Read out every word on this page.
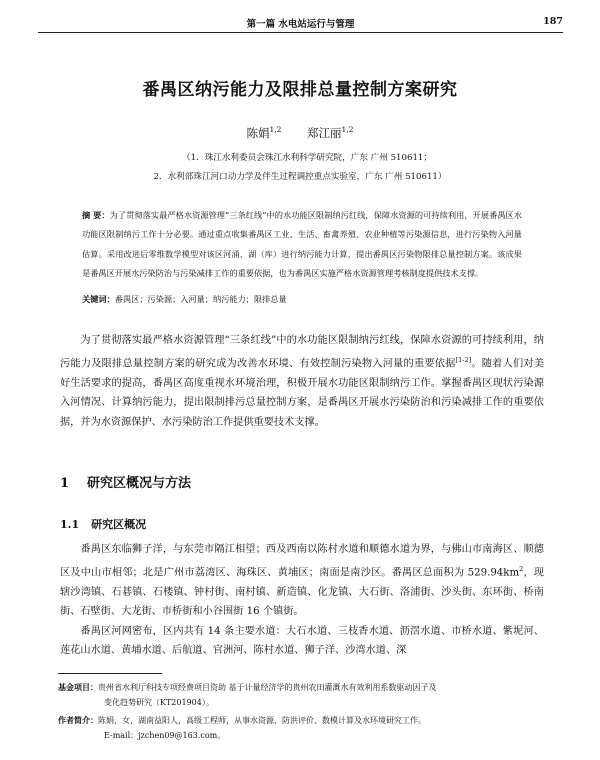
第一篇 水电站运行与管理	187
番禺区纳污能力及限排总量控制方案研究
陈娟$^{1,2}$ 郑江丽$^{1,2}$
（1．珠江水利委员会珠江水利科学研究院，广东 广州 510611；
2．水利部珠江河口动力学及伴生过程调控重点实验室，广东 广州 510611）
摘 要：为了贯彻落实最严格水资源管理“三条红线”中的水功能区限制纳污红线，保障水资源的可持续利用，开展番禺区水功能区限制纳污工作十分必要。通过重点收集番禺区工业、生活、畜禽养殖、农业种植等污染源信息，进行污染物入河量估算。采用改进后零维数学模型对该区河涌、湖（库）进行纳污能力计算，提出番禺区污染物限排总量控制方案。该成果是番禺区开展水污染防治与污染减排工作的重要依据，也为番禺区实施严格水资源管理考核制度提供技术支撑。
关键词：番禺区；污染源；入河量；纳污能力；限排总量

为了贯彻落实最严格水资源管理“三条红线”中的水功能区限制纳污红线，保障水资源的可持续利用，纳污能力及限排总量控制方案的研究成为改善水环境、有效控制污染物入河量的重要依据[1-2]。随着人们对美好生活要求的提高，番禺区高度重视水环境治理，积极开展水功能区限制纳污工作。掌握番禺区现状污染源入河情况、计算纳污能力，提出限制排污总量控制方案，是番禺区开展水污染防治和污染减排工作的重要依据，并为水资源保护、水污染防治工作提供重要技术支撑。

1 研究区概况与方法
1.1 研究区概况

番禺区东临狮子洋，与东莞市隔江相望；西及西南以陈村水道和顺德水道为界，与佛山市南海区、顺德区及中山市相邻；北是广州市荔湾区、海珠区、黄埔区；南面是南沙区。番禺区总面积为 $529.94km^2$，现辖沙湾镇、石碁镇、石楼镇、钟村街、南村镇、新造镇、化龙镇、大石街、洛浦街、沙头街、东环街、桥南街、石壁街、大龙街、市桥街和小谷围街 16 个镇街。

番禺区河网密布，区内共有 14 条主要水道：大石水道、三枝香水道、沥滘水道、市桥水道、紫坭河、莲花山水道、黄埔水道、后航道、官洲河、陈村水道、狮子洋、沙湾水道、深

基金项目：贵州省水利厅科技专项经费项目资助 基于计量经济学的贵州农田灌溉水有效利用系数驱动因子及
变化趋势研究（KT201904）。
作者简介：陈娟，女，湖南益阳人，高级工程师，从事水资源、防洪评价、数模计算及水环境研究工作。
E-mail：jzchen09@163.com。
